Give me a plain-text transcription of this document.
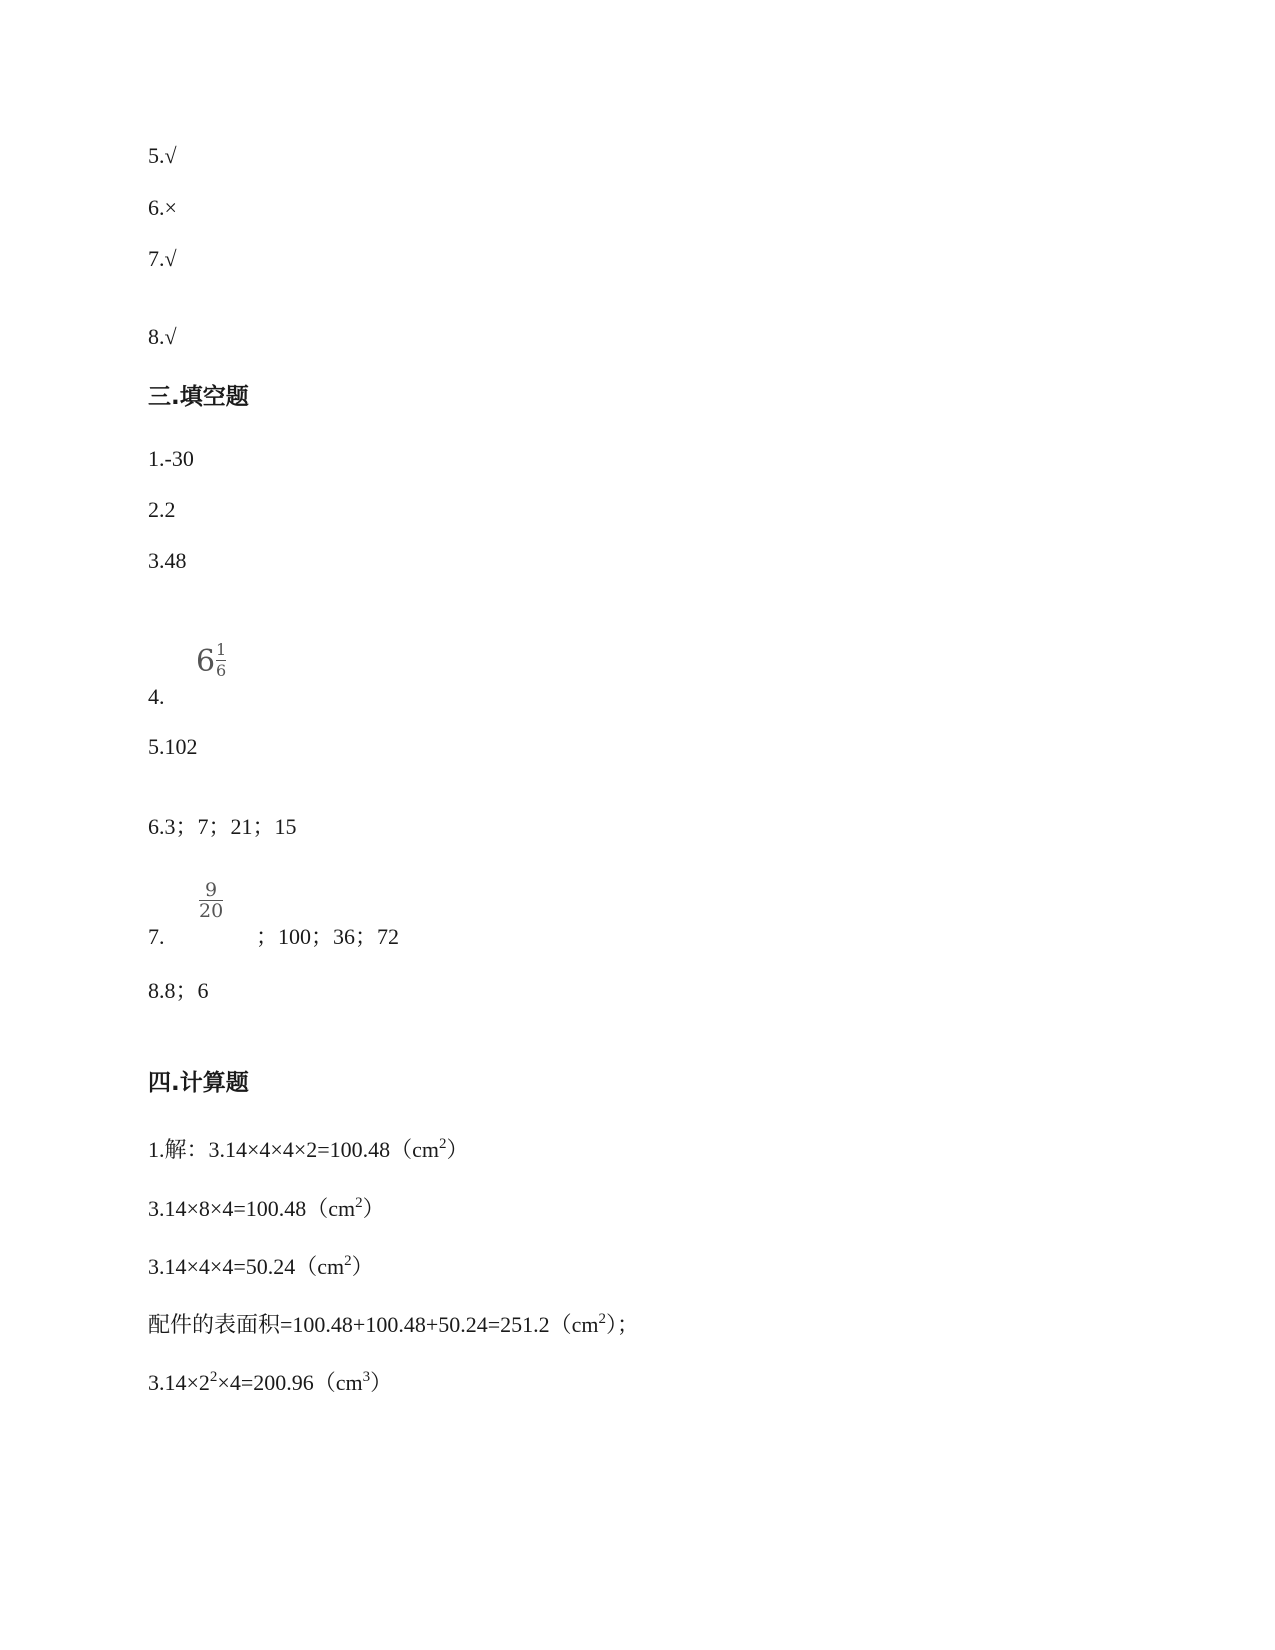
5.√
6.×
7.√
8.√
三.填空题
1.-30
2.2
3.48
4.
6 1
6
5.102
6.3；7；21；15
7.
9
20
；100；36；72
8.8；6
四.计算题
1.解：$3.14\times 4\times 4\times 2=100.48(cm^2)$
$3.14\times 8\times 4=100.48(cm^2)$
$3.14\times 4\times 4=50.24(cm^2)$
配件的表面积$=100.48+100.48+50.24=251.2(cm^2)$；
$3.14\times 2^2\times 4=200.96(cm^3)$
